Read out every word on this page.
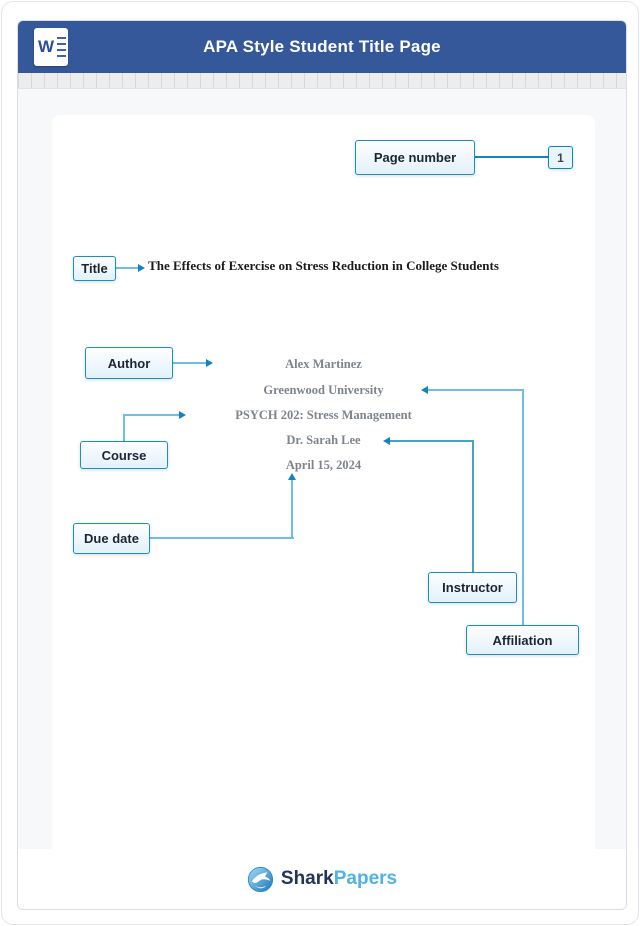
W	APA Style Student Title Page
The Effects of Exercise on Stress Reduction in College Students
Alex Martinez
Greenwood University
PSYCH 202: Stress Management
Dr. Sarah Lee
April 15, 2024
Page number	1
Title
Author
Course
Due date
Instructor
Affiliation
SharkPapers
